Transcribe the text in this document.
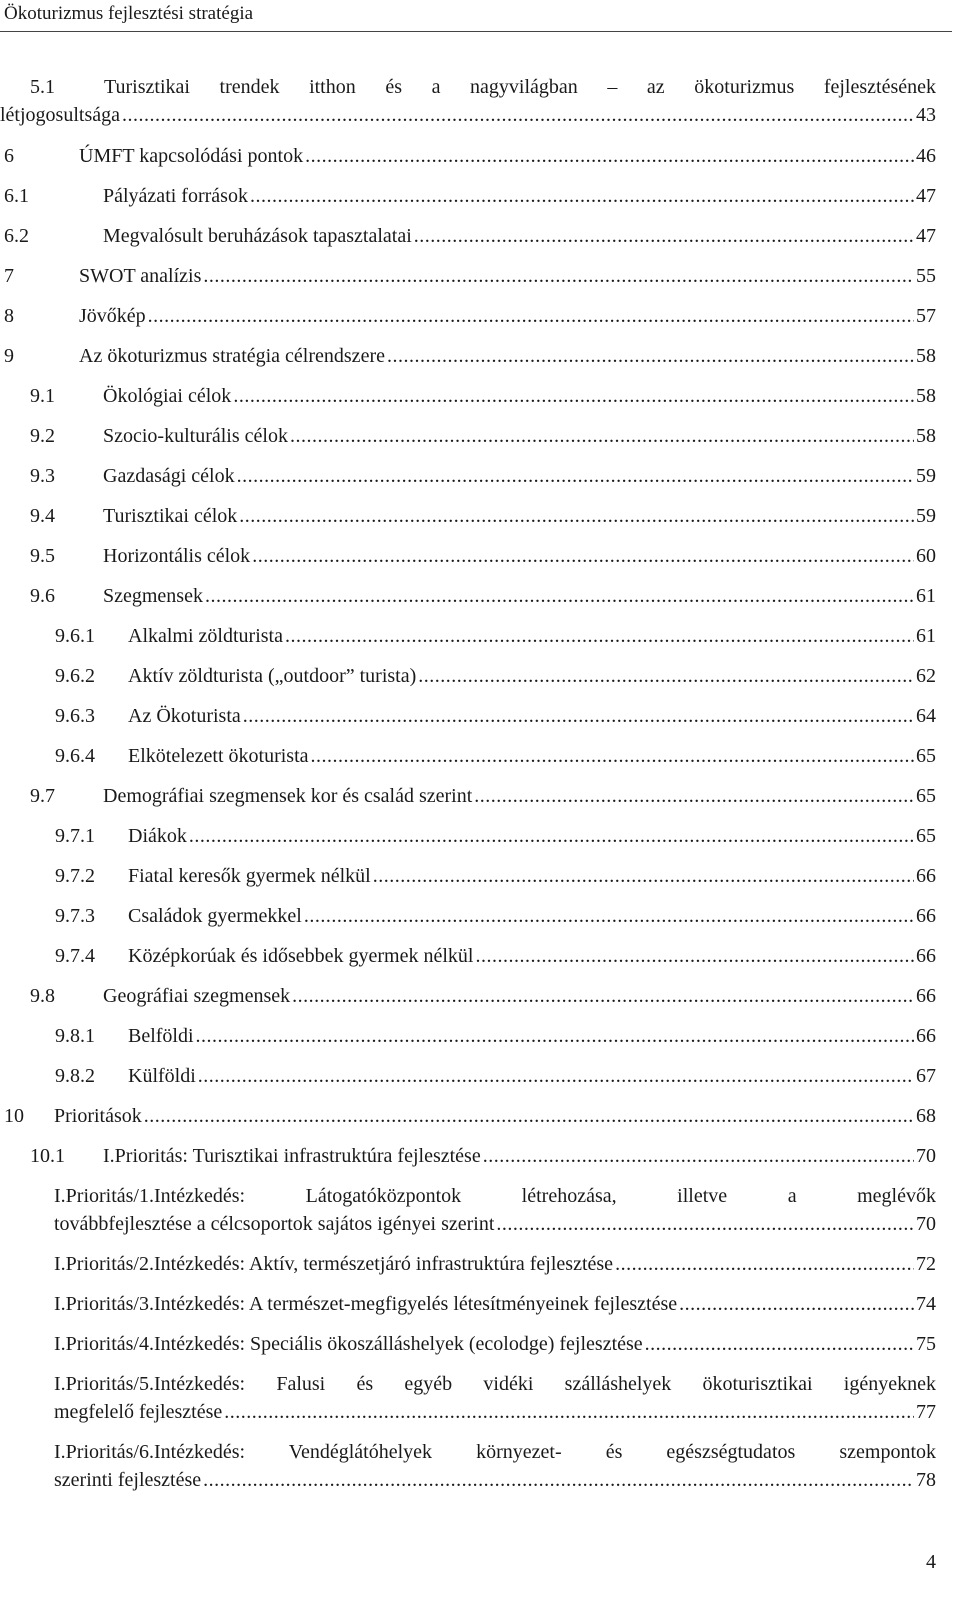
Ökoturizmus fejlesztési stratégia
5.1 Turisztikai trendek itthon és a nagyvilágban – az ökoturizmus fejlesztésének
létjogosultsága .....	43
6	ÚMFT kapcsolódási pontok .....	46
6.1	Pályázati források .....	47
6.2	Megvalósult beruházások tapasztalatai .....	47
7	SWOT analízis .....	55
8	Jövőkép .....	57
9	Az ökoturizmus stratégia célrendszere .....	58
9.1 Ökológiai célok .....	58
9.2 Szocio-kulturális célok .....	58
9.3 Gazdasági célok .....	59
9.4 Turisztikai célok .....	59
9.5 Horizontális célok .....	60
9.6 Szegmensek .....	61
9.6.1 Alkalmi zöldturista .....	61
9.6.2 Aktív zöldturista („outdoor” turista) .....	62
9.6.3 Az Ökoturista .....	64
9.6.4 Elkötelezett ökoturista .....	65
9.7 Demográfiai szegmensek kor és család szerint .....	65
9.7.1 Diákok .....	65
9.7.2 Fiatal keresők gyermek nélkül .....	66
9.7.3 Családok gyermekkel .....	66
9.7.4 Középkorúak és idősebbek gyermek nélkül .....	66
9.8 Geográfiai szegmensek .....	66
9.8.1 Belföldi .....	66
9.8.2 Külföldi .....	67
10 Prioritások .....	68
10.1 I.Prioritás: Turisztikai infrastruktúra fejlesztése .....	70
I.Prioritás/1.Intézkedés: Látogatóközpontok létrehozása, illetve a meglévők
továbbfejlesztése a célcsoportok sajátos igényei szerint .....	70
I.Prioritás/2.Intézkedés: Aktív, természetjáró infrastruktúra fejlesztése .....	72
I.Prioritás/3.Intézkedés: A természet-megfigyelés létesítményeinek fejlesztése .....	74
I.Prioritás/4.Intézkedés: Speciális ökoszálláshelyek (ecolodge) fejlesztése .....	75
I.Prioritás/5.Intézkedés: Falusi és egyéb vidéki szálláshelyek ökoturisztikai igényeknek
megfelelő fejlesztése .....	77
I.Prioritás/6.Intézkedés: Vendéglátóhelyek környezet- és egészségtudatos szempontok
szerinti fejlesztése .....	78
4
